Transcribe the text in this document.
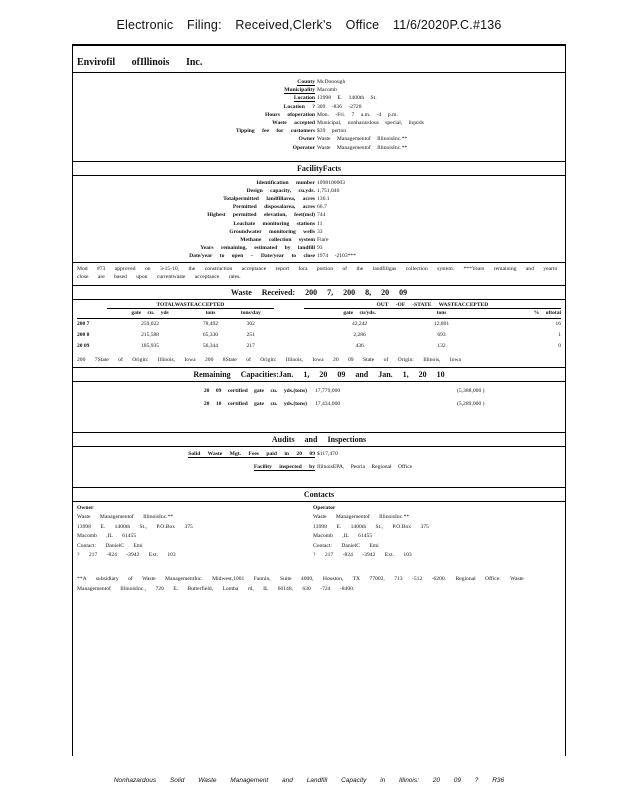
Electronic Filing: Received,Clerk's Office 11/6/2020P.C.#136
Envirofil ofIllinois Inc.
County McDonough
Municipality Macomb
Location 13998 E. 1400th St.
Location ? 309 -836 -2728
Hours ofoperation Mon. -Fri. 7 a.m. -4 p.m.
Waste accepted Municipal, nonhazardous special, liquids
Tipping fee for customers $39 perton
Owner Waste Managementof IllinoisInc.**
Operator Waste Managementof IllinoisInc.**
FacilityFacts
Identification number 1098100003
Design capacity, cu.yds. 1,751,040
Totalpermitted landfillarea, acres 136.1
Permitted disposalarea, acres 66.7
Highest permitted elevation, feet(msl) 744
Leachate monitoring stations 11
Groundwater monitoring wells 33
Methane collection system Flare
Years remaining, estimated by landfill 93
Date/year to open – Date/year to close 1974 -2103***
Mod #73 approved on 3-15-10, the construction acceptance report fora portion of the landfillgas collection system. ***Years remaining and yearto close are based upon currentwaste acceptance rates.
Waste Received: 200 7, 200 8, 20 09
	TOTALWASTEACCEPTED				OUT -OF -STATE WASTEACCEPTED		
	gate cu. yds	tons	tons/day		gate cu/yds.	tons	% oftotal
200 7	259,022	78,492	302		42,242	12,801	16
200 8	215,588	65,330	251		2,286	693	1
20 09	185,935	56,344	217		436	132	0
200 7State of Origin: Illinois, Iowa 200 8State of Origin: Illinois, Iowa 20 09 State of Origin: Illinois, Iowa
Remaining Capacities:Jan. 1, 20 09 and Jan. 1, 20 10
20 09 certified gate cu. yds.(tons) 17,779,000	(5,388,000 )
20 10 certified gate cu. yds.(tons) 17,434,000	(5,289,000 )
Audits and Inspections
Solid Waste Mgt. Fees paid in 20 09 $117,470
Facility inspected by IllinoisEPA, Peoria Regional Office
Contacts
Owner
Waste Managementof IllinoisInc.**
13998 E. 1400th St., P.O.Box 375
Macomb ,IL 61455
Contact: DanielC Emi
? 217 -824 -3942 Ext. 103
Operator
Waste Managementof IllinoisInc.**
13998 E. 1400th St., P.O.Box 375
Macomb ,IL 61455
Contact: DanielC Emi
? 217 -824 -3942 Ext. 103
**A subsidiary of Waste ManagementInc. Midwest,1001 Fannin, Suite 4000, Houston, TX 77002, 713 -512 -6200. Regional Office: Waste Managementof IllinoisInc., 720 E. Butterfield, Lomba rd, IL 60148, 630 -724 -8400.
Nonhazardous Solid Waste Management and Landfill Capacity in Illinois: 20 09 ? R36
